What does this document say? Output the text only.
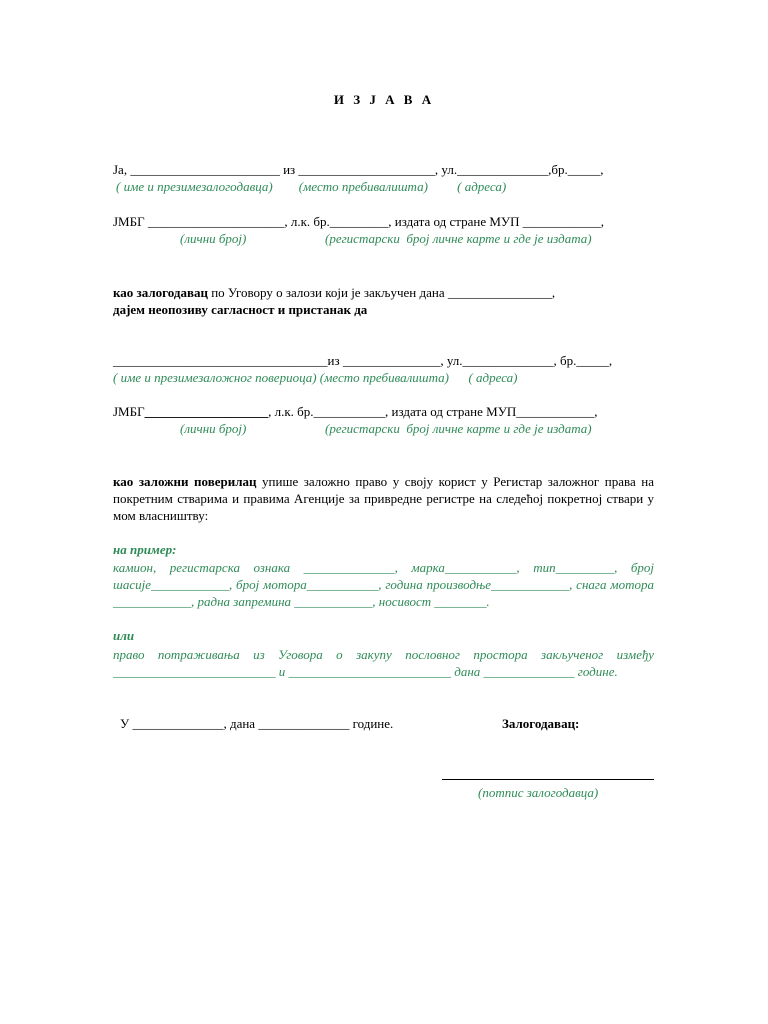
И З Ј А В А
Ја, _______________________ из _____________________, ул.______________,бр._____,
( име и презимезалогодавца)        (место пребивалишта)         ( адреса)
ЈМБГ _____________________, л.к. бр._________, издата од стране МУП ____________,
(лични број)	(регистарски  број личне карте и где је издата)
као залогодавац по Уговору о залози који је закључен дана ________________,
дајем неопозиву сагласност и пристанак да
_________________________________из _______________, ул.______________, бр._____,
( име и презимезаложног повериоца) (место пребивалишта)      ( адреса)
ЈМБГ___________________, л.к. бр.___________, издата од стране МУП____________,
(лични број)	(регистарски  број личне карте и где је издата)
као заложни поверилац упише заложно право у своју корист у Регистар заложног права на покретним стварима и правима Агенције за привредне регистре на следећој покретној ствари у мом власништву:
на пример:
камион, регистарска ознака ______________, марка___________, тип_________, број шасије____________, број мотора___________, година производње____________, снага мотора ____________, радна запремина ____________, носивост ________.
или
право потраживања из Уговора о закупу пословног простора закљученог између _________________________ и _________________________ дана ______________ године.
У ______________, дана ______________ године.	Залогодавац:
(потпис залогодавца)
